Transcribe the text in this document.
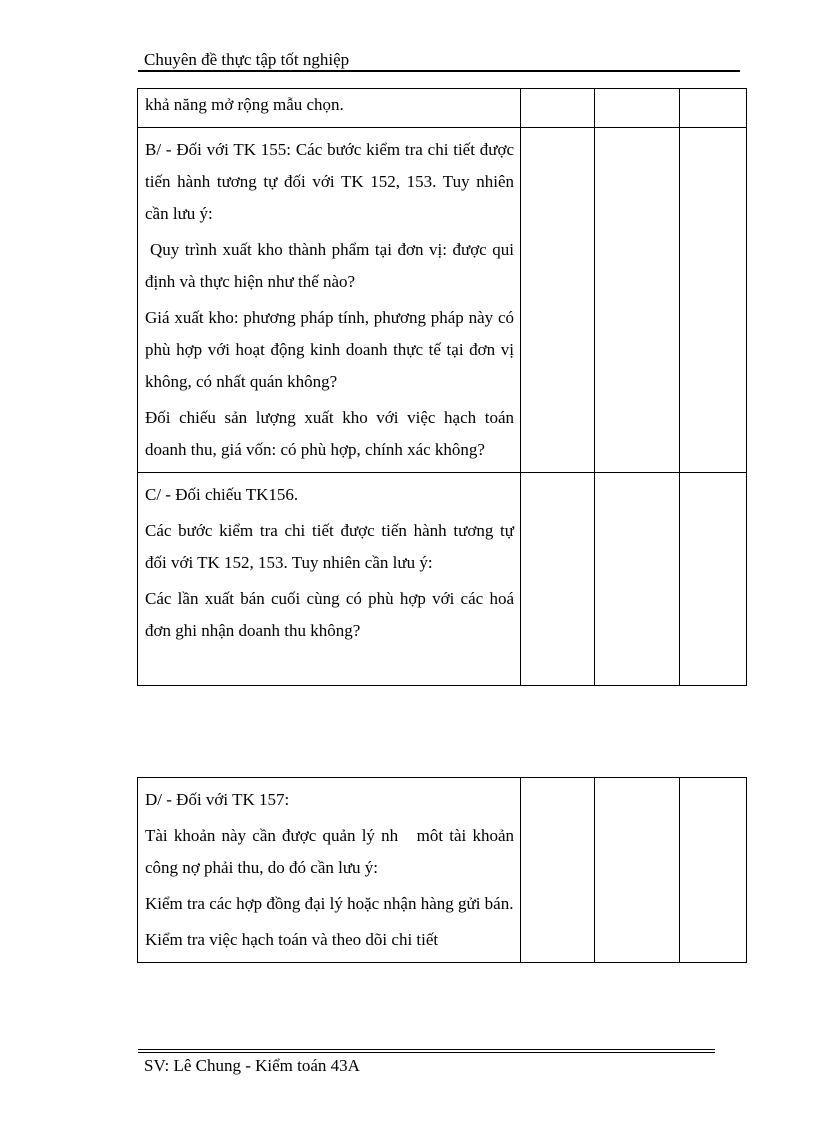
Chuyên đề thực tập tốt nghiệp

khả năng mở rộng mẫu chọn.			

B/ - Đối với TK 155: Các bước kiểm tra chi tiết được tiến hành tương tự đối với TK 152, 153. Tuy nhiên cần lưu ý:

Quy trình xuất kho thành phẩm tại đơn vị: được qui định và thực hiện như thế nào?

Giá xuất kho: phương pháp tính, phương pháp này có phù hợp với hoạt động kinh doanh thực tế tại đơn vị không, có nhất quán không?

Đối chiếu sản lượng xuất kho với việc hạch toán doanh thu, giá vốn: có phù hợp, chính xác không?			

C/ - Đối chiếu TK156.

Các bước kiểm tra chi tiết được tiến hành tương tự đối với TK 152, 153. Tuy nhiên cần lưu ý:

Các lần xuất bán cuối cùng có phù hợp với các hoá đơn ghi nhận doanh thu không?			

D/ - Đối với TK 157:

Tài khoản này cần được quản lý nh   môt tài khoản công nợ phải thu, do đó cần lưu ý:

Kiểm tra các hợp đồng đại lý hoặc nhận hàng gửi bán.

Kiểm tra việc hạch toán và theo dõi chi tiết

SV: Lê Chung - Kiểm toán 43A
